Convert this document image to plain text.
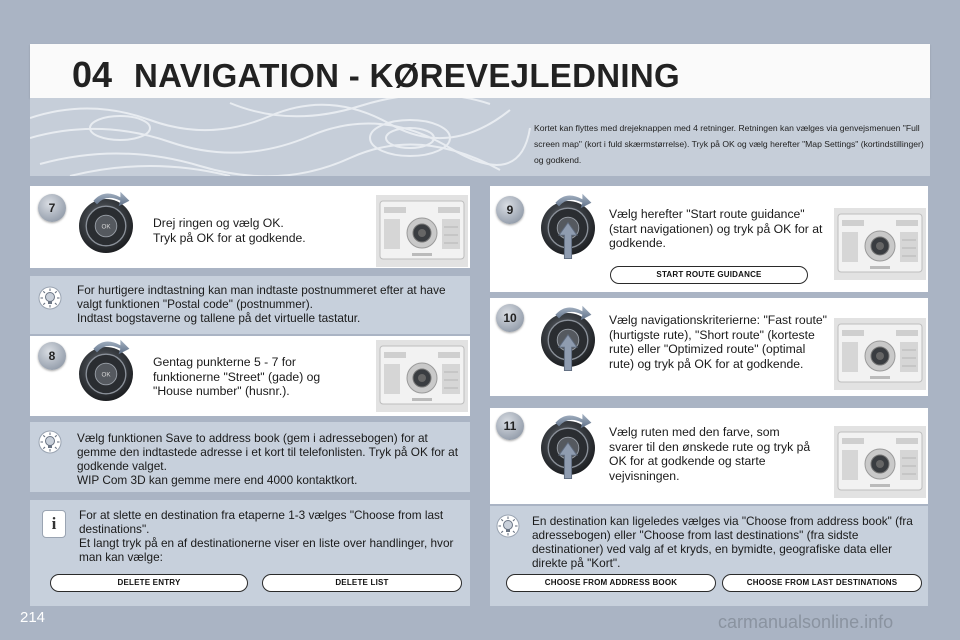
04 NAVIGATION - KØREVEJLEDNING
Kortet kan flyttes med drejeknappen med 4 retninger. Retningen kan vælges via genvejsmenuen "Full screen map" (kort i fuld skærmstørrelse). Tryk på OK og vælg herefter "Map Settings" (kortindstillinger) og godkend.
7
Drej ringen og vælg OK.
Tryk på OK for at godkende.
For hurtigere indtastning kan man indtaste postnummeret efter at have valgt funktionen "Postal code" (postnummer).
Indtast bogstaverne og tallene på det virtuelle tastatur.
8	Gentag punkterne 5 - 7 for funktionerne "Street" (gade) og "House number" (husnr.).
Vælg funktionen Save to address book (gem i adressebogen) for at gemme den indtastede adresse i et kort til telefonlisten. Tryk på OK for at godkende valget.
WIP Com 3D kan gemme mere end 4000 kontaktkort.
i	For at slette en destination fra etaperne 1-3 vælges "Choose from last destinations".
Et langt tryk på en af destinationerne viser en liste over handlinger, hvor man kan vælge:
DELETE ENTRY	DELETE LIST
9	Vælg herefter "Start route guidance" (start navigationen) og tryk på OK for at godkende.
START ROUTE GUIDANCE
10	Vælg navigationskriterierne: "Fast route" (hurtigste rute), "Short route" (korteste rute) eller "Optimized route" (optimal rute) og tryk på OK for at godkende.
11	Vælg ruten med den farve, som svarer til den ønskede rute og tryk på OK for at godkende og starte vejvisningen.
En destination kan ligeledes vælges via "Choose from address book" (fra adressebogen) eller "Choose from last destinations" (fra sidste destinationer) ved valg af et kryds, en bymidte, geografiske data eller direkte på "Kort".
CHOOSE FROM ADDRESS BOOK	CHOOSE FROM LAST DESTINATIONS
214	carmanualsonline.info
